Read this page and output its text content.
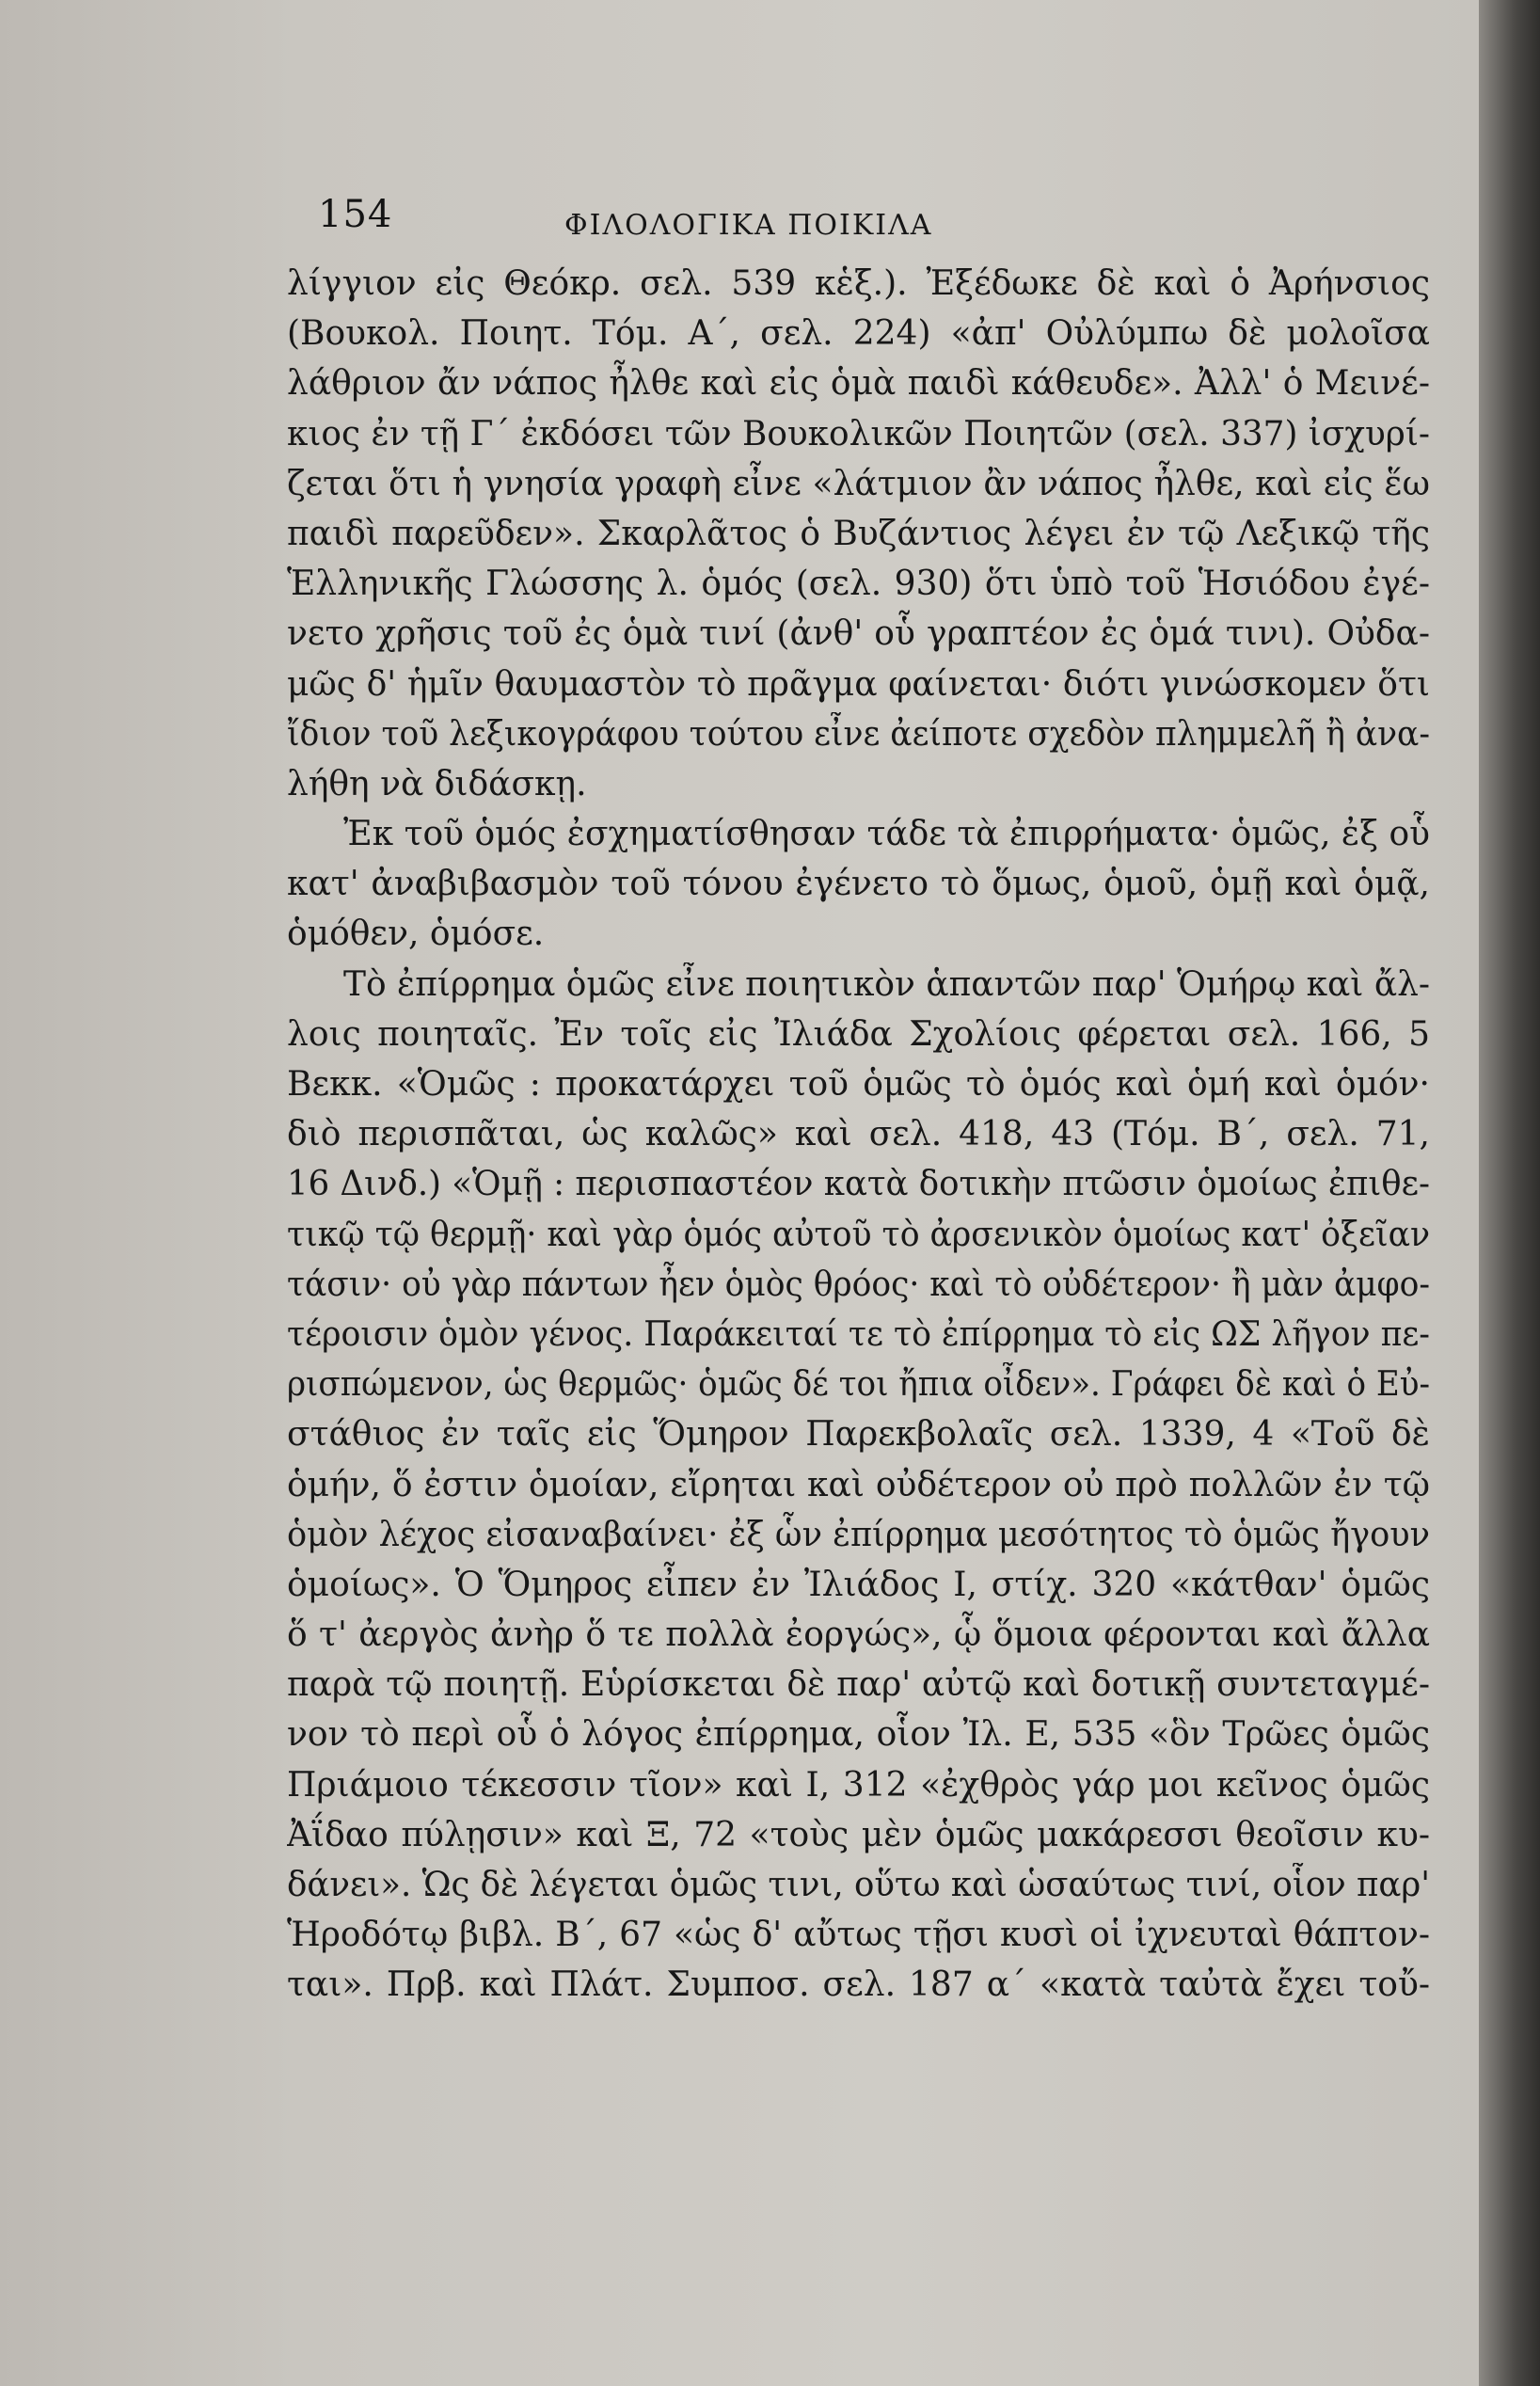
154	ΦΙΛΟΛΟΓΙΚΑ ΠΟΙΚΙΛΑ
λίγγιον εἰς Θεόκρ. σελ. 539 κἑξ.). Ἐξέδωκε δὲ καὶ ὁ Ἀρήνσιος
(Βουκολ. Ποιητ. Τόμ. Α΄, σελ. 224) «ἀπ' Οὐλύμπω δὲ μολοῖσα
λάθριον ἄν νάπος ἦλθε καὶ εἰς ὁμὰ παιδὶ κάθευδε». Ἀλλ' ὁ Μεινέ-
κιος ἐν τῇ Γ΄ ἐκδόσει τῶν Βουκολικῶν Ποιητῶν (σελ. 337) ἰσχυρί-
ζεται ὅτι ἡ γνησία γραφὴ εἶνε «λάτμιον ἂν νάπος ἦλθε, καὶ εἰς ἕω
παιδὶ παρεῦδεν». Σκαρλᾶτος ὁ Βυζάντιος λέγει ἐν τῷ Λεξικῷ τῆς
Ἑλληνικῆς Γλώσσης λ. ὁμός (σελ. 930) ὅτι ὑπὸ τοῦ Ἡσιόδου ἐγέ-
νετο χρῆσις τοῦ ἐς ὁμὰ τινί (ἀνθ' οὗ γραπτέον ἐς ὁμά τινι). Οὐδα-
μῶς δ' ἡμῖν θαυμαστὸν τὸ πρᾶγμα φαίνεται· διότι γινώσκομεν ὅτι
ἴδιον τοῦ λεξικογράφου τούτου εἶνε ἀείποτε σχεδὸν πλημμελῆ ἢ ἀνα-
λήθη νὰ διδάσκῃ.
Ἐκ τοῦ ὁμός ἐσχηματίσθησαν τάδε τὰ ἐπιρρήματα· ὁμῶς, ἐξ οὗ
κατ' ἀναβιβασμὸν τοῦ τόνου ἐγένετο τὸ ὅμως, ὁμοῦ, ὁμῇ καὶ ὁμᾷ,
ὁμόθεν, ὁμόσε.
Τὸ ἐπίρρημα ὁμῶς εἶνε ποιητικὸν ἁπαντῶν παρ' Ὁμήρῳ καὶ ἄλ-
λοις ποιηταῖς. Ἐν τοῖς εἰς Ἰλιάδα Σχολίοις φέρεται σελ. 166, 5
Βεκκ. «Ὁμῶς : προκατάρχει τοῦ ὁμῶς τὸ ὁμός καὶ ὁμή καὶ ὁμόν·
διὸ περισπᾶται, ὡς καλῶς» καὶ σελ. 418, 43 (Τόμ. Β΄, σελ. 71,
16 Δινδ.) «Ὁμῇ : περισπαστέον κατὰ δοτικὴν πτῶσιν ὁμοίως ἐπιθε-
τικῷ τῷ θερμῇ· καὶ γὰρ ὁμός αὐτοῦ τὸ ἀρσενικὸν ὁμοίως κατ' ὀξεῖαν
τάσιν· οὐ γὰρ πάντων ἦεν ὁμὸς θρόος· καὶ τὸ οὐδέτερον· ἢ μὰν ἀμφο-
τέροισιν ὁμὸν γένος. Παράκειταί τε τὸ ἐπίρρημα τὸ εἰς ΩΣ λῆγον πε-
ρισπώμενον, ὡς θερμῶς· ὁμῶς δέ τοι ἤπια οἶδεν». Γράφει δὲ καὶ ὁ Εὐ-
στάθιος ἐν ταῖς εἰς Ὅμηρον Παρεκβολαῖς σελ. 1339, 4 «Τοῦ δὲ
ὁμήν, ὅ ἐστιν ὁμοίαν, εἴρηται καὶ οὐδέτερον οὐ πρὸ πολλῶν ἐν τῷ
ὁμὸν λέχος εἰσαναβαίνει· ἐξ ὧν ἐπίρρημα μεσότητος τὸ ὁμῶς ἤγουν
ὁμοίως». Ὁ Ὅμηρος εἶπεν ἐν Ἰλιάδος Ι, στίχ. 320 «κάτθαν' ὁμῶς
ὅ τ' ἀεργὸς ἀνὴρ ὅ τε πολλὰ ἐοργώς», ᾧ ὅμοια φέρονται καὶ ἄλλα
παρὰ τῷ ποιητῇ. Εὑρίσκεται δὲ παρ' αὐτῷ καὶ δοτικῇ συντεταγμέ-
νον τὸ περὶ οὗ ὁ λόγος ἐπίρρημα, οἷον Ἰλ. Ε, 535 «ὃν Τρῶες ὁμῶς
Πριάμοιο τέκεσσιν τῖον» καὶ Ι, 312 «ἐχθρὸς γάρ μοι κεῖνος ὁμῶς
Ἀΐδαο πύλῃσιν» καὶ Ξ, 72 «τοὺς μὲν ὁμῶς μακάρεσσι θεοῖσιν κυ-
δάνει». Ὡς δὲ λέγεται ὁμῶς τινι, οὕτω καὶ ὡσαύτως τινί, οἷον παρ'
Ἡροδότῳ βιβλ. Β΄, 67 «ὡς δ' αὔτως τῇσι κυσὶ οἱ ἰχνευταὶ θάπτον-
ται». Πρβ. καὶ Πλάτ. Συμποσ. σελ. 187 α΄ «κατὰ ταὐτὰ ἔχει τοὔ-
